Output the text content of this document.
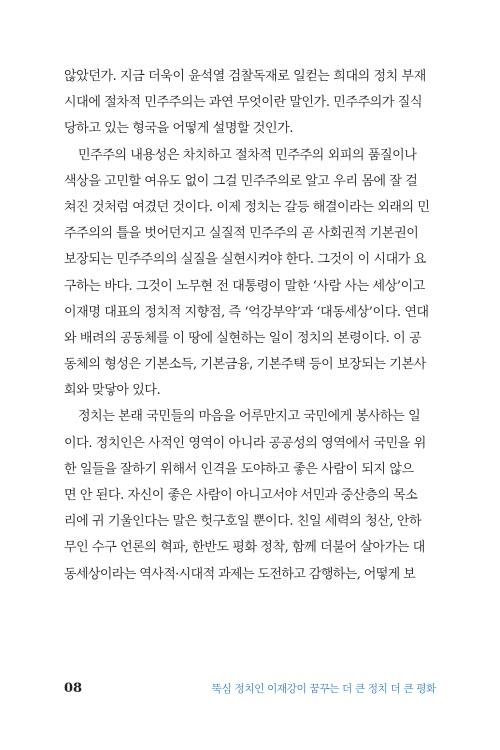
않았던가. 지금 더욱이 윤석열 검찰독재로 일컫는 희대의 정치 부재
시대에 절차적 민주주의는 과연 무엇이란 말인가. 민주주의가 질식
당하고 있는 형국을 어떻게 설명할 것인가.
민주주의 내용성은 차치하고 절차적 민주주의 외피의 품질이나
색상을 고민할 여유도 없이 그걸 민주주의로 알고 우리 몸에 잘 걸
쳐진 것처럼 여겼던 것이다. 이제 정치는 갈등 해결이라는 외래의 민
주주의의 틀을 벗어던지고 실질적 민주주의 곧 사회권적 기본권이
보장되는 민주주의의 실질을 실현시켜야 한다. 그것이 이 시대가 요
구하는 바다. 그것이 노무현 전 대통령이 말한 ‘사람 사는 세상’이고
이재명 대표의 정치적 지향점, 즉 ‘억강부약’과 ‘대동세상’이다. 연대
와 배려의 공동체를 이 땅에 실현하는 일이 정치의 본령이다. 이 공
동체의 형성은 기본소득, 기본금융, 기본주택 등이 보장되는 기본사
회와 맞닿아 있다.
정치는 본래 국민들의 마음을 어루만지고 국민에게 봉사하는 일
이다. 정치인은 사적인 영역이 아니라 공공성의 영역에서 국민을 위
한 일들을 잘하기 위해서 인격을 도야하고 좋은 사람이 되지 않으
면 안 된다. 자신이 좋은 사람이 아니고서야 서민과 중산층의 목소
리에 귀 기울인다는 말은 헛구호일 뿐이다. 친일 세력의 청산, 안하
무인 수구 언론의 혁파, 한반도 평화 정착, 함께 더불어 살아가는 대
동세상이라는 역사적·시대적 과제는 도전하고 감행하는, 어떻게 보
08	뚝심 정치인 이재강이 꿈꾸는 더 큰 정치 더 큰 평화
